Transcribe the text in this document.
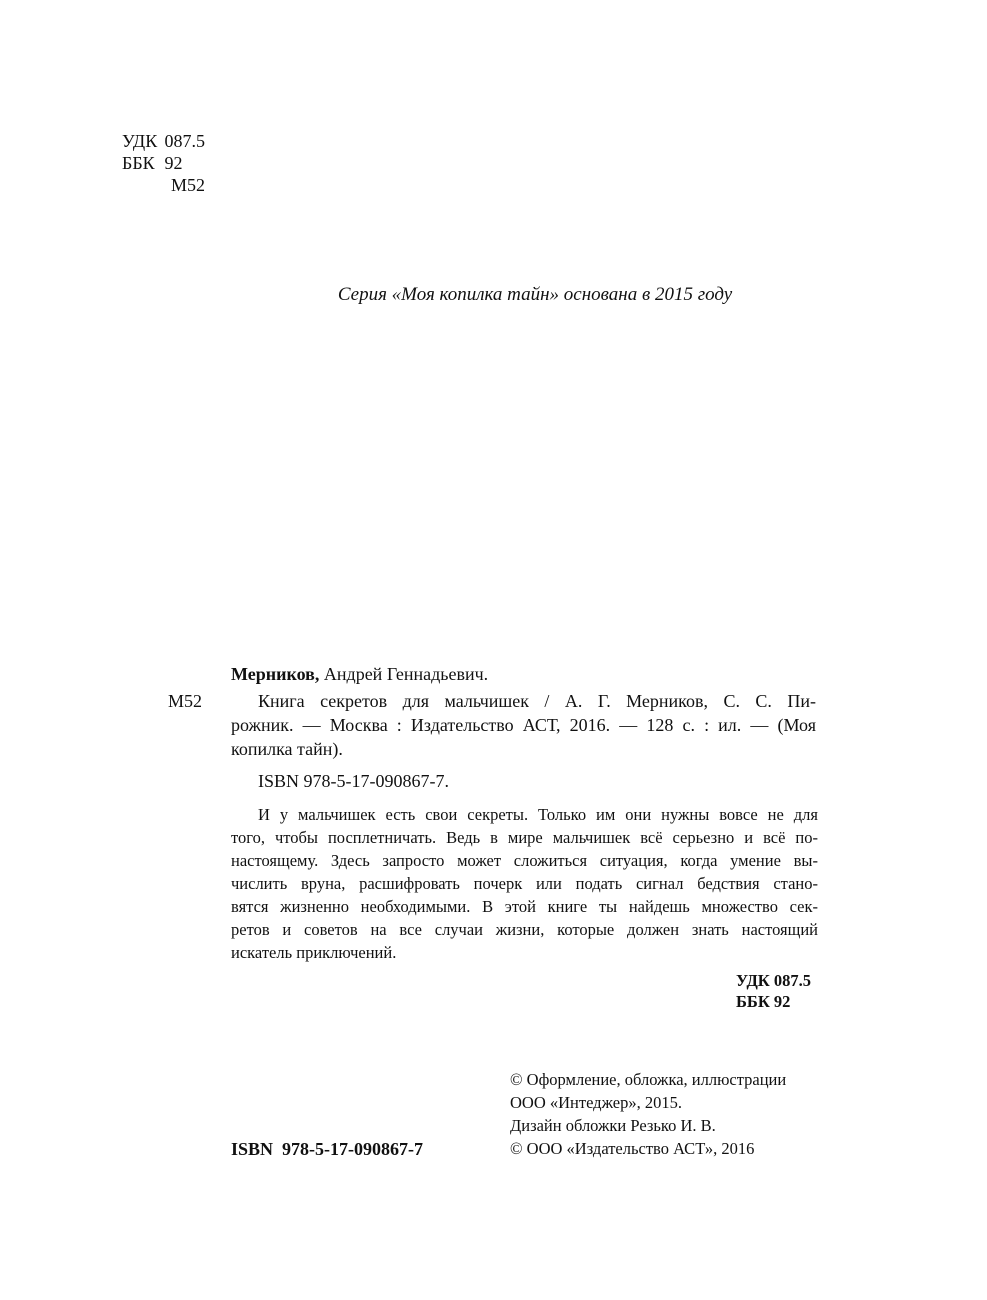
УДК 087.5
ББК 92
М52
Серия «Моя копилка тайн» основана в 2015 году
Мерников, Андрей Геннадьевич.
М52	Книга секретов для мальчишек / А. Г. Мерников, С. С. Пи-
рожник. — Москва : Издательство АСТ, 2016. — 128 с. : ил. — (Моя
копилка тайн).
ISBN 978-5-17-090867-7.
И у мальчишек есть свои секреты. Только им они нужны вовсе не для
того, чтобы посплетничать. Ведь в мире мальчишек всё серьезно и всё по-
настоящему. Здесь запросто может сложиться ситуация, когда умение вы-
числить вруна, расшифровать почерк или подать сигнал бедствия стано-
вятся жизненно необходимыми. В этой книге ты найдешь множество сек-
ретов и советов на все случаи жизни, которые должен знать настоящий
искатель приключений.
УДК 087.5
ББК 92
ISBN  978-5-17-090867-7
© Оформление, обложка, иллюстрации
ООО «Интеджер», 2015.
Дизайн обложки Резько И. В.
© ООО «Издательство АСТ», 2016
